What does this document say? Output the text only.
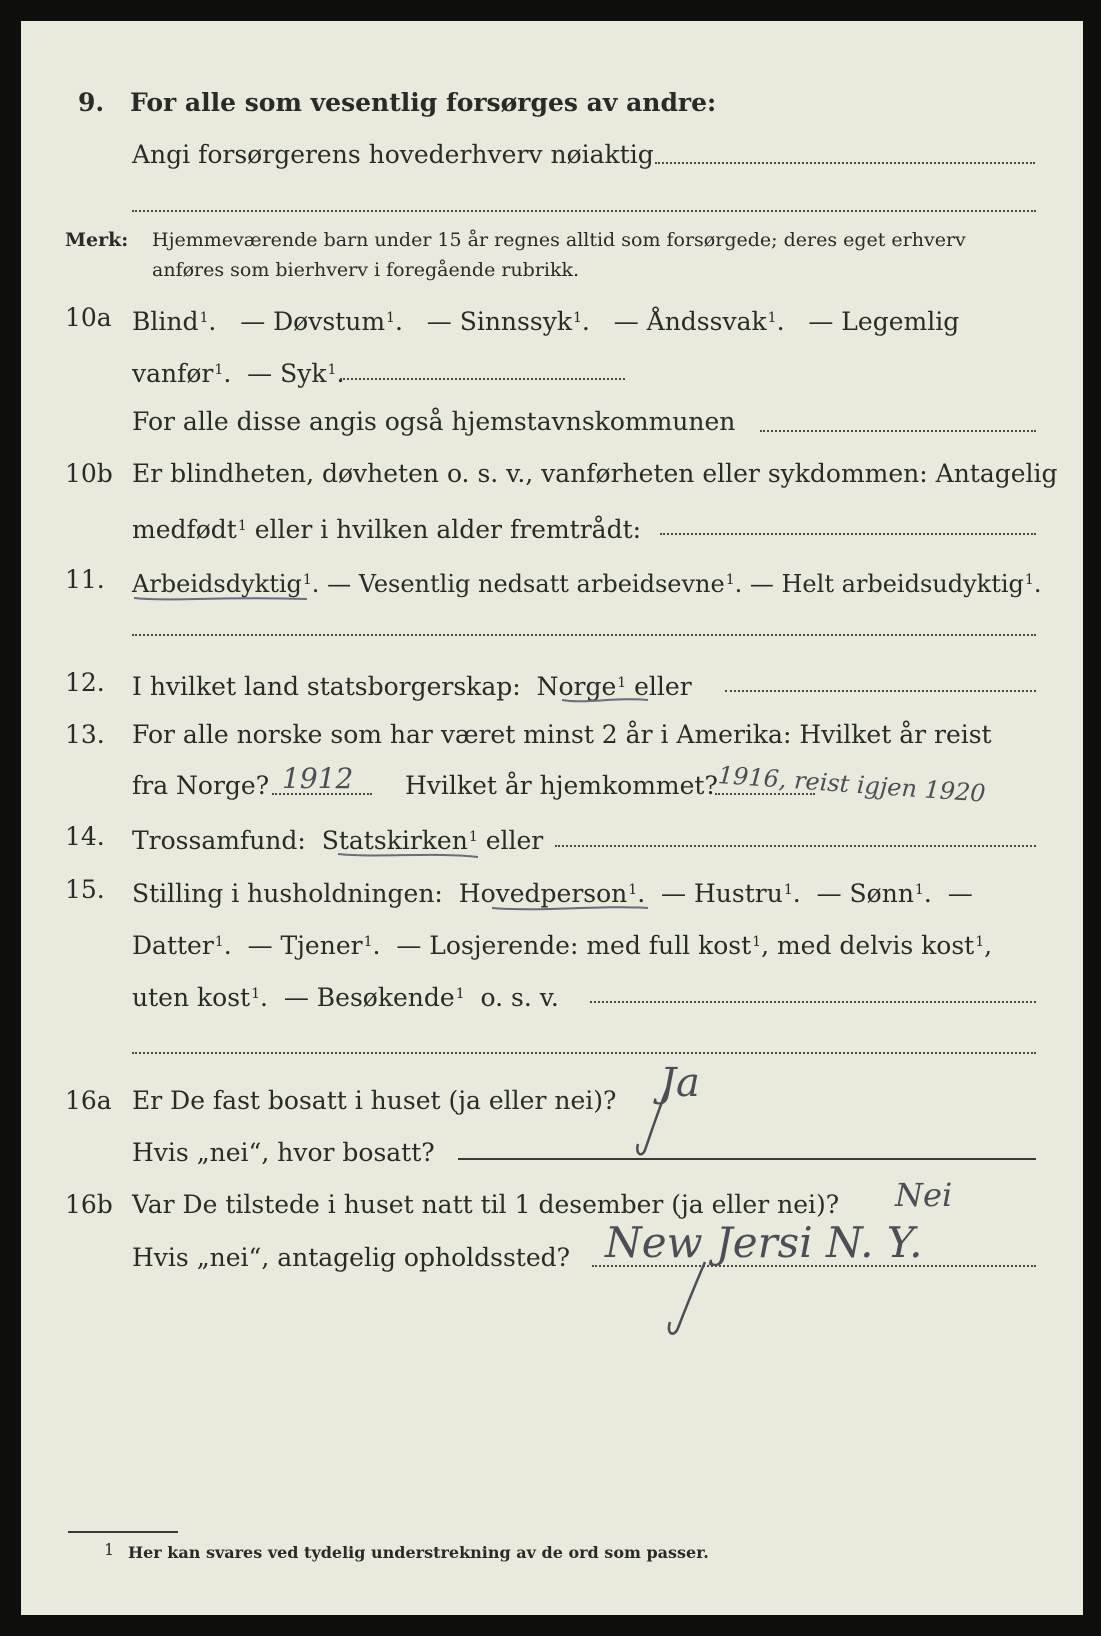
9. For alle som vesentlig forsørges av andre:
Angi forsørgerens hovederhverv nøiaktig
Merk: Hjemmeværende barn under 15 år regnes alltid som forsørgede; deres eget erhverv
anføres som bierhverv i foregående rubrikk.
10a Blind$^1$.   — Døvstum$^1$.   — Sinnssyk$^1$.   — Åndssvak$^1$.   — Legemlig
vanfør$^1$.  — Syk$^1$.
For alle disse angis også hjemstavnskommunen
10b Er blindheten, døvheten o. s. v., vanførheten eller sykdommen: Antagelig
medfødt$^1$ eller i hvilken alder fremtrådt:
11. Arbeidsdyktig$^1$. — Vesentlig nedsatt arbeidsevne$^1$. — Helt arbeidsudyktig$^1$.
12. I hvilket land statsborgerskap: Norge$^1$ eller
13. For alle norske som har været minst 2 år i Amerika: Hvilket år reist
fra Norge? 1912 Hvilket år hjemkommet? 1916, reist igjen 1920
14. Trossamfund: Statskirken$^1$ eller
15. Stilling i husholdningen: Hovedperson$^1$.  — Hustru$^1$.  — Sønn$^1$.  —
Datter$^1$.  — Tjener$^1$.  — Losjerende: med full kost$^1$, med delvis kost$^1$,
uten kost$^1$.  — Besøkende$^1$ o. s. v.
16a Er De fast bosatt i huset (ja eller nei)? Ja
Hvis „nei“, hvor bosatt?
16b Var De tilstede i huset natt til 1 desember (ja eller nei)? Nei
Hvis „nei“, antagelig opholdssted? New Jersi N. Y.
1 Her kan svares ved tydelig understrekning av de ord som passer.
